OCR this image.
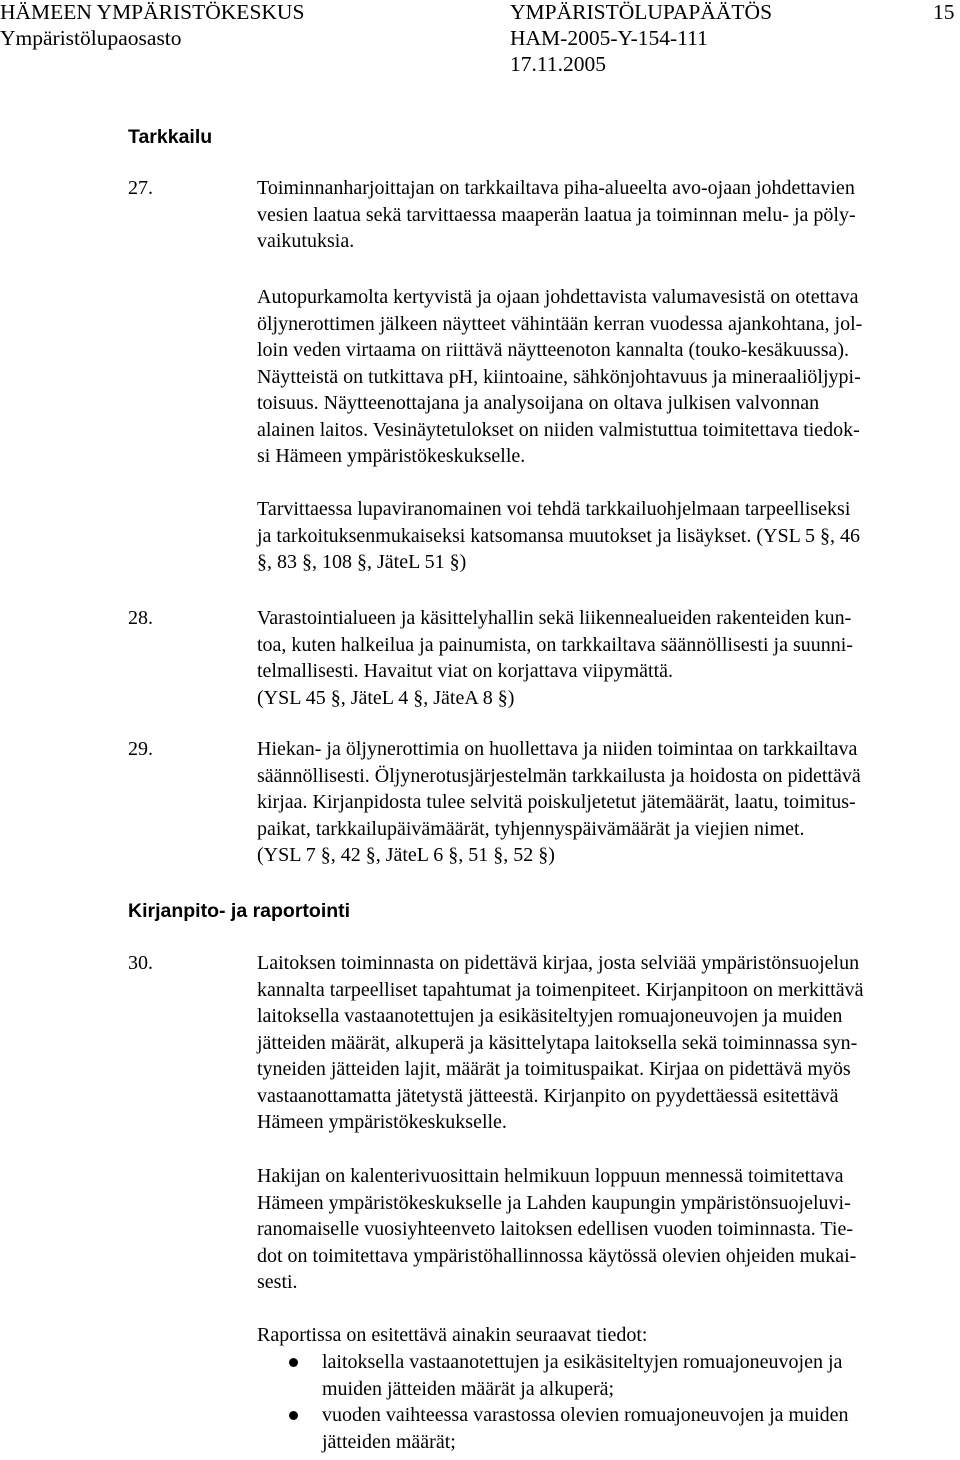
HÄMEEN YMPÄRISTÖKESKUS
Ympäristölupaosasto
YMPÄRISTÖLUPAPÄÄTÖS
HAM-2005-Y-154-111
17.11.2005
15
Tarkkailu
27.	Toiminnanharjoittajan on tarkkailtava piha-alueelta avo-ojaan johdettavien
vesien laatua sekä tarvittaessa maaperän laatua ja toiminnan melu- ja pöly-
vaikutuksia.
Autopurkamolta kertyvistä ja ojaan johdettavista valumavesistä on otettava
öljynerottimen jälkeen näytteet vähintään kerran vuodessa ajankohtana, jol-
loin veden virtaama on riittävä näytteenoton kannalta (touko-kesäkuussa).
Näytteistä on tutkittava pH, kiintoaine, sähkönjohtavuus ja mineraaliöljypi-
toisuus. Näytteenottajana ja analysoijana on oltava julkisen valvonnan
alainen laitos. Vesinäytetulokset on niiden valmistuttua toimitettava tiedok-
si Hämeen ympäristökeskukselle.
Tarvittaessa lupaviranomainen voi tehdä tarkkailuohjelmaan tarpeelliseksi
ja tarkoituksenmukaiseksi katsomansa muutokset ja lisäykset. (YSL 5 §, 46
§, 83 §, 108 §, JäteL 51 §)
28.	Varastointialueen ja käsittelyhallin sekä liikennealueiden rakenteiden kun-
toa, kuten halkeilua ja painumista, on tarkkailtava säännöllisesti ja suunni-
telmallisesti. Havaitut viat on korjattava viipymättä.
(YSL 45 §, JäteL 4 §, JäteA 8 §)
29.	Hiekan- ja öljynerottimia on huollettava ja niiden toimintaa on tarkkailtava
säännöllisesti. Öljynerotusjärjestelmän tarkkailusta ja hoidosta on pidettävä
kirjaa. Kirjanpidosta tulee selvitä poiskuljetetut jätemäärät, laatu, toimitus-
paikat, tarkkailupäivämäärät, tyhjennyspäivämäärät ja viejien nimet.
(YSL 7 §, 42 §, JäteL 6 §, 51 §, 52 §)
Kirjanpito- ja raportointi
30.	Laitoksen toiminnasta on pidettävä kirjaa, josta selviää ympäristönsuojelun
kannalta tarpeelliset tapahtumat ja toimenpiteet. Kirjanpitoon on merkittävä
laitoksella vastaanotettujen ja esikäsiteltyjen romuajoneuvojen ja muiden
jätteiden määrät, alkuperä ja käsittelytapa laitoksella sekä toiminnassa syn-
tyneiden jätteiden lajit, määrät ja toimituspaikat. Kirjaa on pidettävä myös
vastaanottamatta jätetystä jätteestä. Kirjanpito on pyydettäessä esitettävä
Hämeen ympäristökeskukselle.
Hakijan on kalenterivuosittain helmikuun loppuun mennessä toimitettava
Hämeen ympäristökeskukselle ja Lahden kaupungin ympäristönsuojeluvi-
ranomaiselle vuosiyhteenveto laitoksen edellisen vuoden toiminnasta. Tie-
dot on toimitettava ympäristöhallinnossa käytössä olevien ohjeiden mukai-
sesti.
Raportissa on esitettävä ainakin seuraavat tiedot:
laitoksella vastaanotettujen ja esikäsiteltyjen romuajoneuvojen ja
muiden jätteiden määrät ja alkuperä;
vuoden vaihteessa varastossa olevien romuajoneuvojen ja muiden
jätteiden määrät;
